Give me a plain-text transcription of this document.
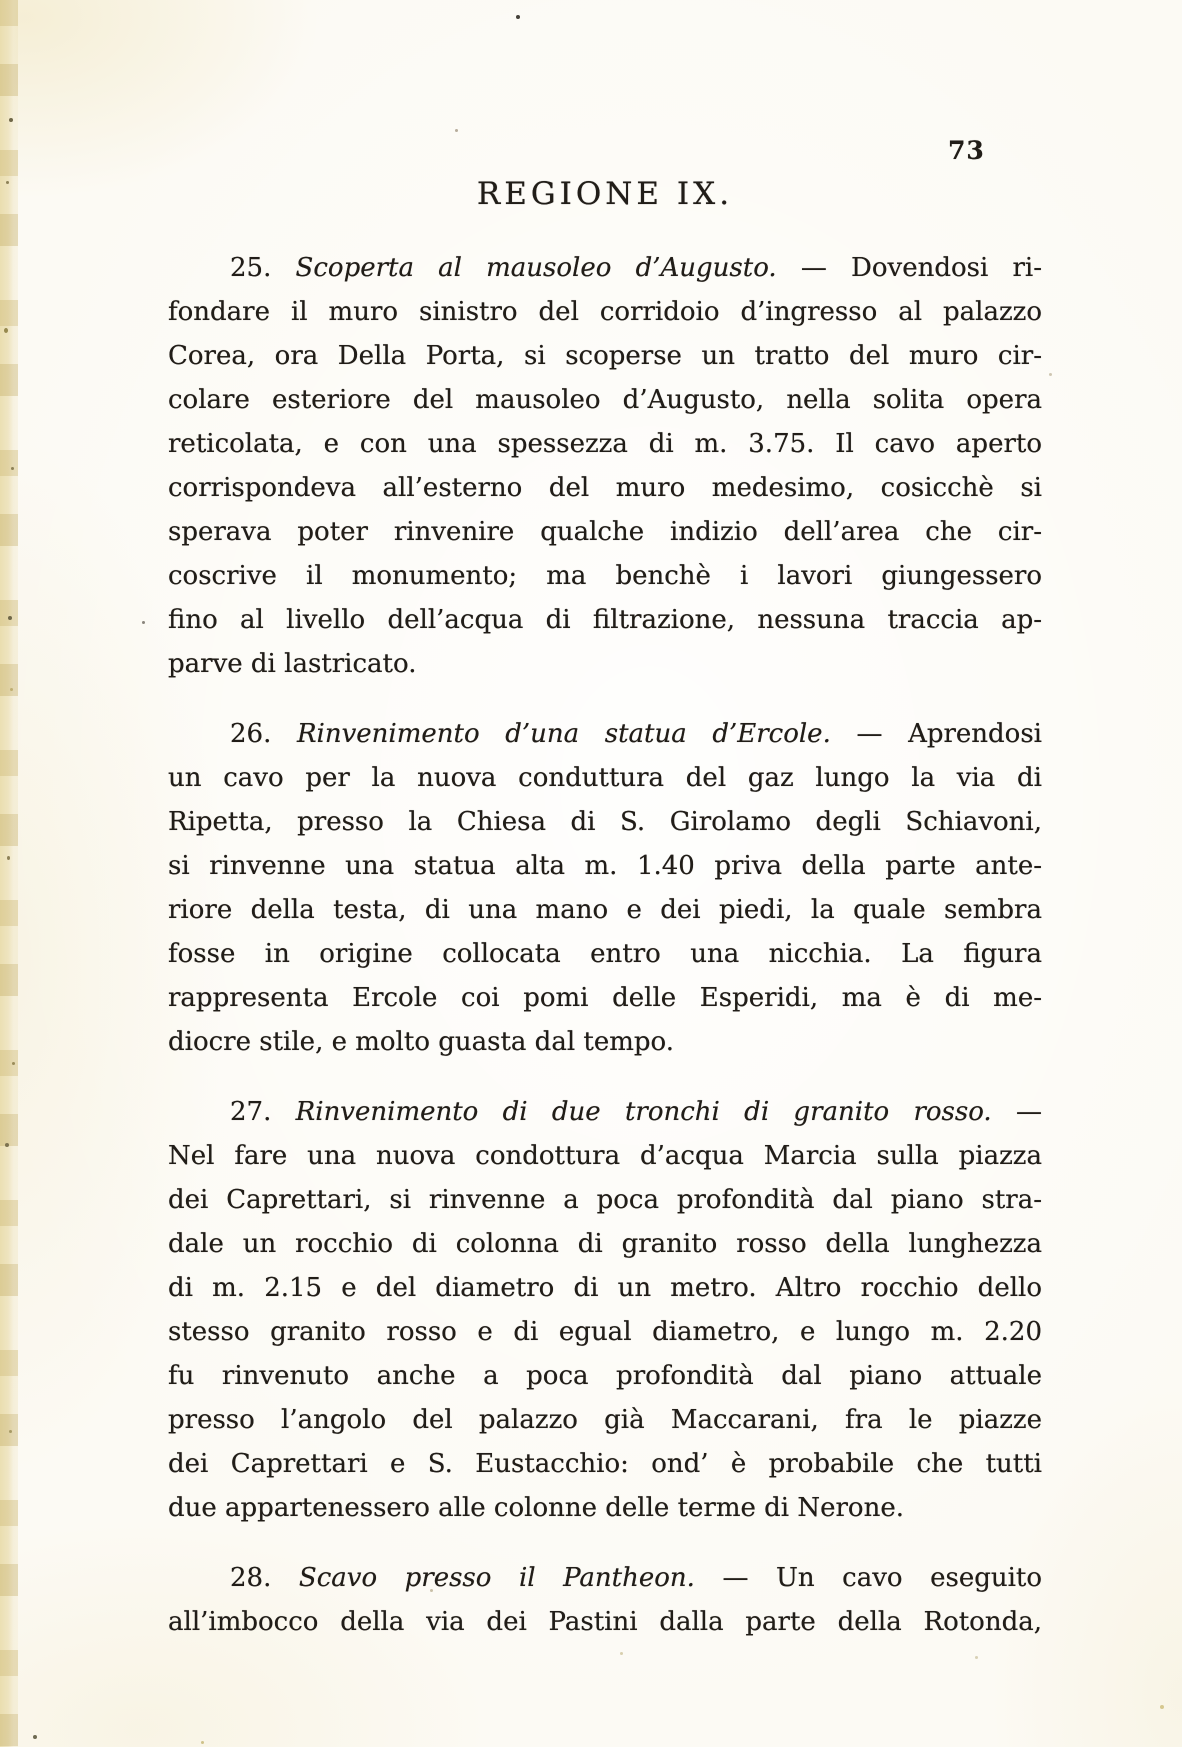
73
REGIONE IX.
25. Scoperta al mausoleo d’Augusto. — Dovendosi ri-
fondare il muro sinistro del corridoio d’ingresso al palazzo
Corea, ora Della Porta, si scoperse un tratto del muro cir-
colare esteriore del mausoleo d’Augusto, nella solita opera
reticolata, e con una spessezza di m. 3.75. Il cavo aperto
corrispondeva all’esterno del muro medesimo, cosicchè si
sperava poter rinvenire qualche indizio dell’area che cir-
coscrive il monumento; ma benchè i lavori giungessero
fino al livello dell’acqua di filtrazione, nessuna traccia ap-
parve di lastricato.
26. Rinvenimento d’una statua d’Ercole. — Aprendosi
un cavo per la nuova conduttura del gaz lungo la via di
Ripetta, presso la Chiesa di S. Girolamo degli Schiavoni,
si rinvenne una statua alta m. 1.40 priva della parte ante-
riore della testa, di una mano e dei piedi, la quale sembra
fosse in origine collocata entro una nicchia. La figura
rappresenta Ercole coi pomi delle Esperidi, ma è di me-
diocre stile, e molto guasta dal tempo.
27. Rinvenimento di due tronchi di granito rosso. —
Nel fare una nuova condottura d’acqua Marcia sulla piazza
dei Caprettari, si rinvenne a poca profondità dal piano stra-
dale un rocchio di colonna di granito rosso della lunghezza
di m. 2.15 e del diametro di un metro. Altro rocchio dello
stesso granito rosso e di egual diametro, e lungo m. 2.20
fu rinvenuto anche a poca profondità dal piano attuale
presso l’angolo del palazzo già Maccarani, fra le piazze
dei Caprettari e S. Eustacchio: ond’ è probabile che tutti
due appartenessero alle colonne delle terme di Nerone.
28. Scavo presso il Pantheon. — Un cavo eseguito
all’imbocco della via dei Pastini dalla parte della Rotonda,
